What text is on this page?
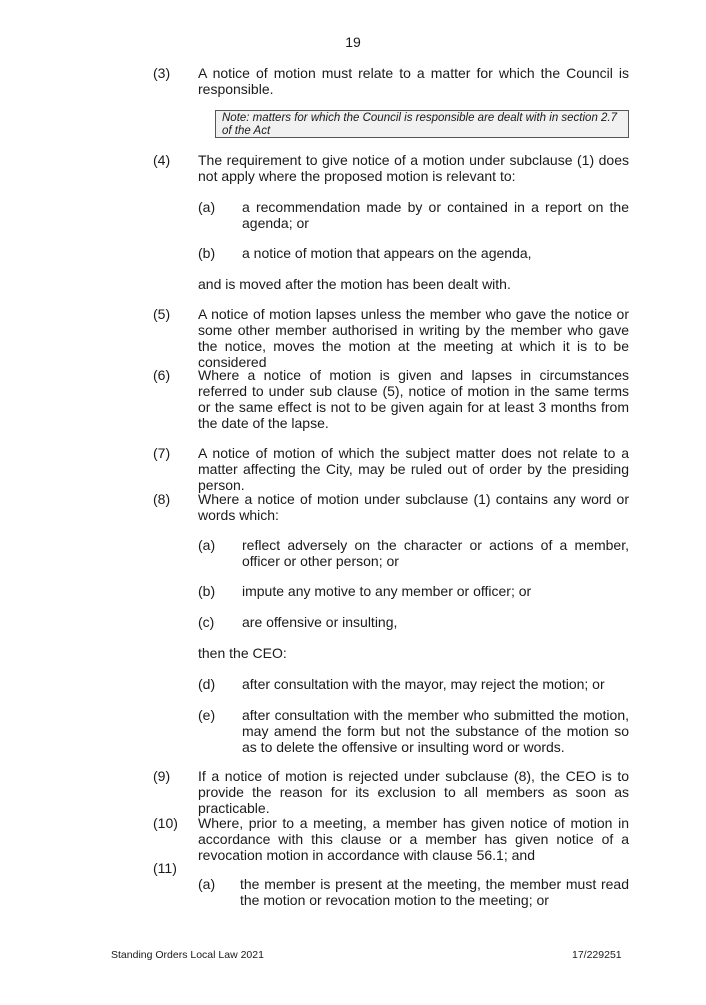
19
(3) A notice of motion must relate to a matter for which the Council is responsible.
Note: matters for which the Council is responsible are dealt with in section 2.7 of the Act
(4) The requirement to give notice of a motion under subclause (1) does not apply where the proposed motion is relevant to:
(a) a recommendation made by or contained in a report on the agenda; or
(b) a notice of motion that appears on the agenda,
and is moved after the motion has been dealt with.
(5) A notice of motion lapses unless the member who gave the notice or some other member authorised in writing by the member who gave the notice, moves the motion at the meeting at which it is to be considered
(6) Where a notice of motion is given and lapses in circumstances referred to under sub clause (5), notice of motion in the same terms or the same effect is not to be given again for at least 3 months from the date of the lapse.
(7) A notice of motion of which the subject matter does not relate to a matter affecting the City, may be ruled out of order by the presiding person.
(8) Where a notice of motion under subclause (1) contains any word or words which:
(a) reflect adversely on the character or actions of a member, officer or other person; or
(b) impute any motive to any member or officer; or
(c) are offensive or insulting,
then the CEO:
(d) after consultation with the mayor, may reject the motion; or
(e) after consultation with the member who submitted the motion, may amend the form but not the substance of the motion so as to delete the offensive or insulting word or words.
(9) If a notice of motion is rejected under subclause (8), the CEO is to provide the reason for its exclusion to all members as soon as practicable.
(10) Where, prior to a meeting, a member has given notice of motion in accordance with this clause or a member has given notice of a revocation motion in accordance with clause 56.1; and
(11)
(a) the member is present at the meeting, the member must read the motion or revocation motion to the meeting; or
Standing Orders Local Law 2021	17/229251
